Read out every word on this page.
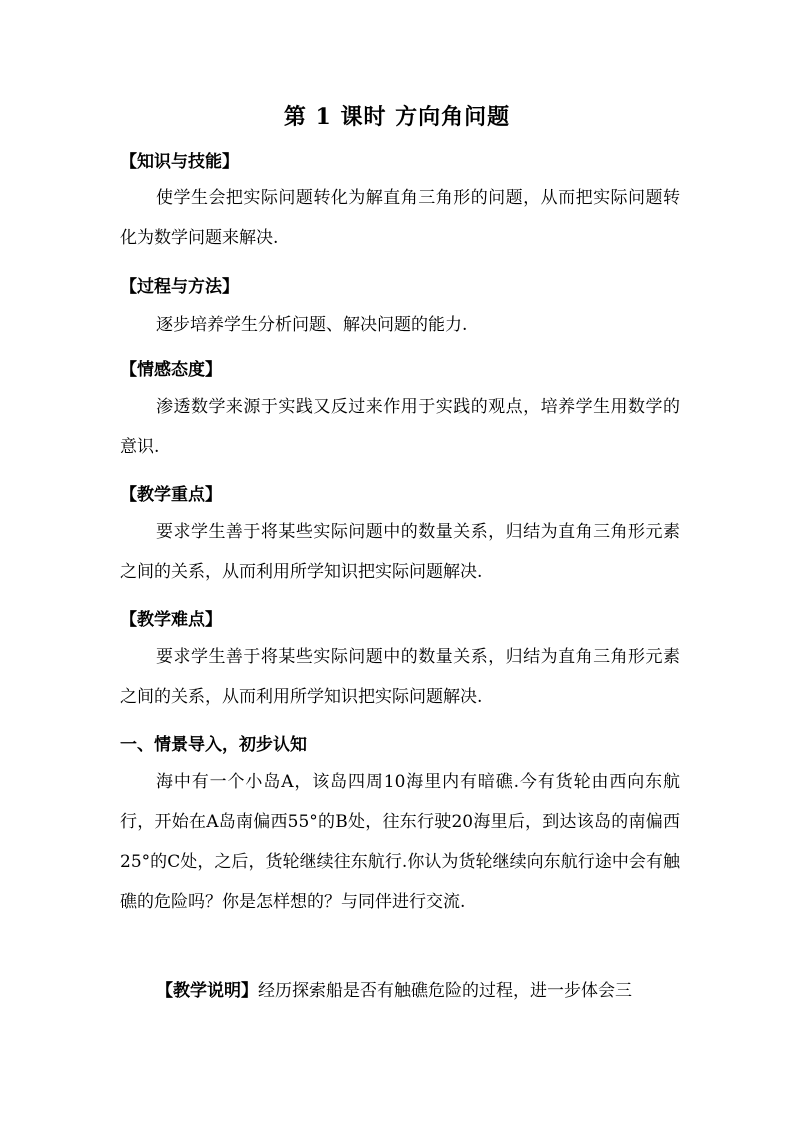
第 1 课时 方向角问题
【知识与技能】
使学生会把实际问题转化为解直角三角形的问题，从而把实际问题转化为数学问题来解决.
【过程与方法】
逐步培养学生分析问题、解决问题的能力.
【情感态度】
渗透数学来源于实践又反过来作用于实践的观点，培养学生用数学的意识.
【教学重点】
要求学生善于将某些实际问题中的数量关系，归结为直角三角形元素之间的关系，从而利用所学知识把实际问题解决.
【教学难点】
要求学生善于将某些实际问题中的数量关系，归结为直角三角形元素之间的关系，从而利用所学知识把实际问题解决.
一、情景导入，初步认知
海中有一个小岛A，该岛四周10海里内有暗礁.今有货轮由西向东航行，开始在A岛南偏西55°的B处，往东行驶20海里后，到达该岛的南偏西25°的C处，之后，货轮继续往东航行.你认为货轮继续向东航行途中会有触礁的危险吗？你是怎样想的？与同伴进行交流.
【教学说明】经历探索船是否有触礁危险的过程，进一步体会三
